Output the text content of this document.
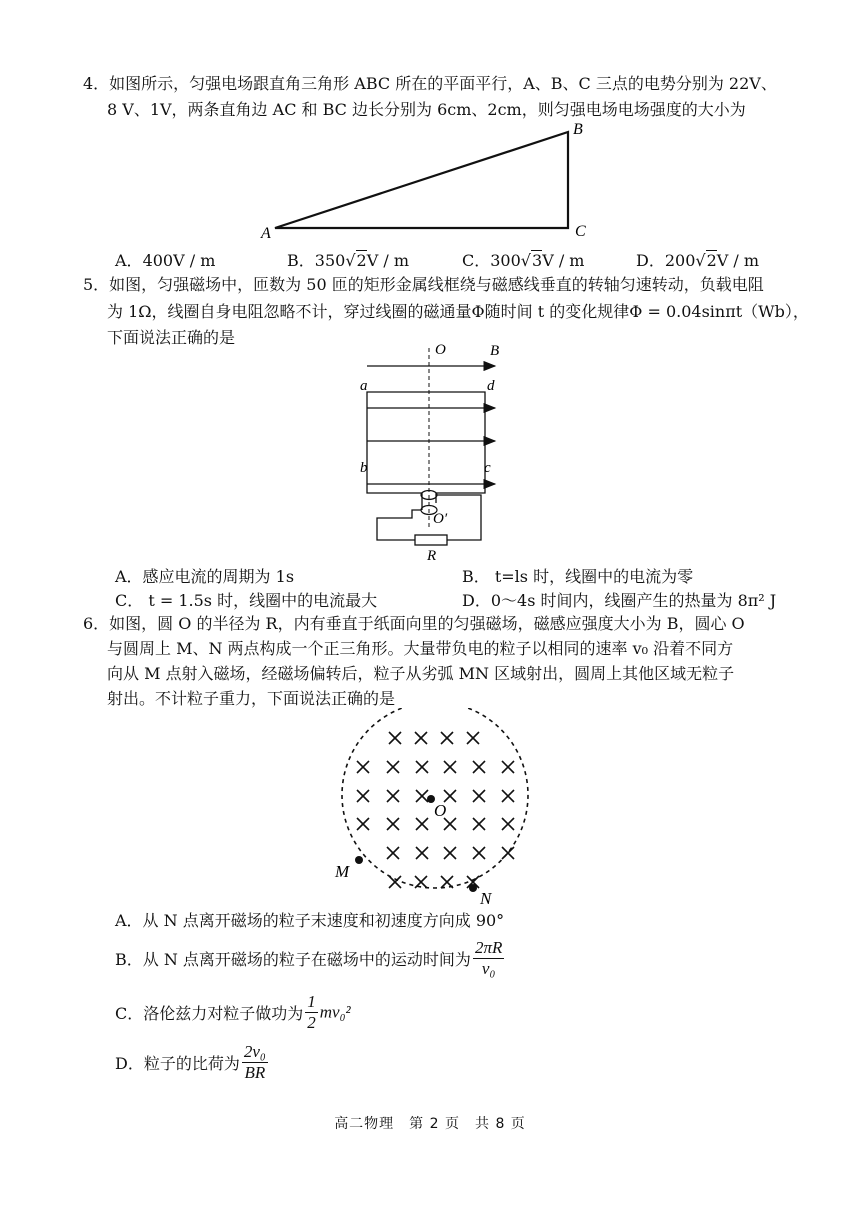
4．如图所示，匀强电场跟直角三角形 ABC 所在的平面平行，A、B、C 三点的电势分别为 22V、
8 V、1V，两条直角边 AC 和 BC 边长分别为 6cm、2cm，则匀强电场电场强度的大小为
A
B
C
A．400V / m	B．350√2V / m	C．300√3V / m	D．200√2V / m
5．如图，匀强磁场中，匝数为 50 匝的矩形金属线框绕与磁感线垂直的转轴匀速转动，负载电阻
为 1Ω，线圈自身电阻忽略不计，穿过线圈的磁通量Φ随时间 t 的变化规律Φ = 0.04sinπt（Wb），
下面说法正确的是
O	B
a	d
b	c
O′
R
A．感应电流的周期为 1s	B． t=ls 时，线圈中的电流为零
C． t = 1.5s 时，线圈中的电流最大	D．0～4s 时间内，线圈产生的热量为 8π² J
6．如图，圆 O 的半径为 R，内有垂直于纸面向里的匀强磁场，磁感应强度大小为 B，圆心 O
与圆周上 M、N 两点构成一个正三角形。大量带负电的粒子以相同的速率 v₀ 沿着不同方
向从 M 点射入磁场，经磁场偏转后，粒子从劣弧 MN 区域射出，圆周上其他区域无粒子
射出。不计粒子重力，下面说法正确的是
O
M
N
A．从 N 点离开磁场的粒子末速度和初速度方向成 90°
B．从 N 点离开磁场的粒子在磁场中的运动时间为 $\frac{2\pi R}{\text{v₀}}$
C．洛伦兹力对粒子做功为 $\frac{1}{2} mv_0^2$
D．粒子的比荷为 $\frac{\text{2v₀}}{BR}$
高二物理　第 2 页　共 8 页
